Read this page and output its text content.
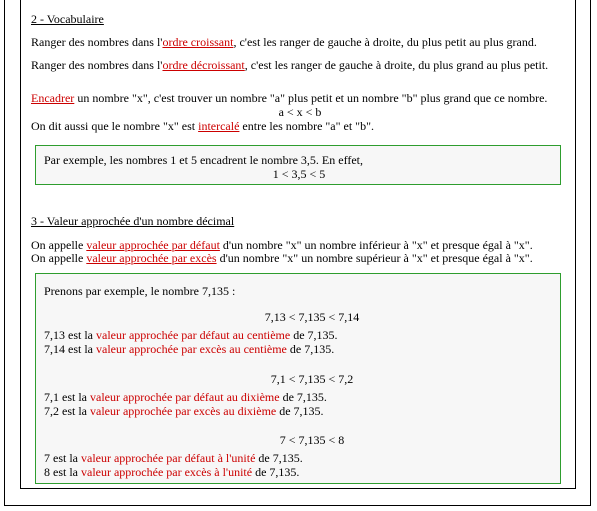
2 - Vocabulaire
Ranger des nombres dans l'ordre croissant, c'est les ranger de gauche à droite, du plus petit au plus grand.
Ranger des nombres dans l'ordre décroissant, c'est les ranger de gauche à droite, du plus grand au plus petit.
Encadrer un nombre "x", c'est trouver un nombre "a" plus petit et un nombre "b" plus grand que ce nombre.
a < x < b
On dit aussi que le nombre "x" est intercalé entre les nombre "a" et "b".
Par exemple, les nombres 1 et 5 encadrent le nombre 3,5. En effet,
1 < 3,5 < 5
3 - Valeur approchée d'un nombre décimal
On appelle valeur approchée par défaut d'un nombre "x" un nombre inférieur à "x" et presque égal à "x".
On appelle valeur approchée par excès d'un nombre "x" un nombre supérieur à "x" et presque égal à "x".
Prenons par exemple, le nombre 7,135 :
7,13 < 7,135 < 7,14
7,13 est la valeur approchée par défaut au centième de 7,135.
7,14 est la valeur approchée par excès au centième de 7,135.
7,1 < 7,135 < 7,2
7,1 est la valeur approchée par défaut au dixième de 7,135.
7,2 est la valeur approchée par excès au dixième de 7,135.
7 < 7,135 < 8
7 est la valeur approchée par défaut à l'unité de 7,135.
8 est la valeur approchée par excès à l'unité de 7,135.
